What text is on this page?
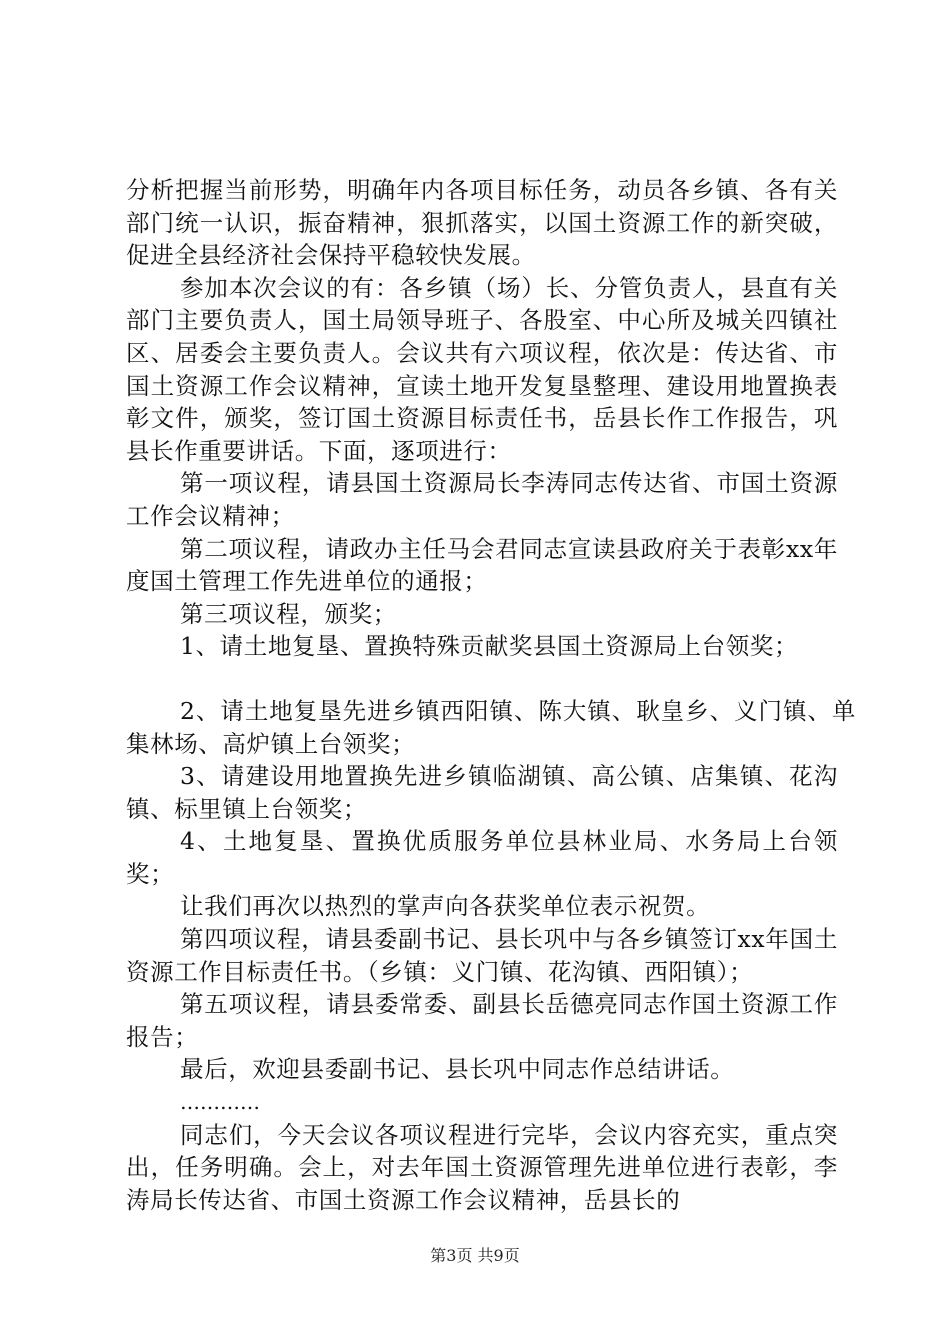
分析把握当前形势，明确年内各项目标任务，动员各乡镇、各有关部门统一认识，振奋精神，狠抓落实，以国土资源工作的新突破，促进全县经济社会保持平稳较快发展。

参加本次会议的有：各乡镇（场）长、分管负责人，县直有关部门主要负责人，国土局领导班子、各股室、中心所及城关四镇社区、居委会主要负责人。会议共有六项议程，依次是：传达省、市国土资源工作会议精神，宣读土地开发复垦整理、建设用地置换表彰文件，颁奖，签订国土资源目标责任书，岳县长作工作报告，巩县长作重要讲话。下面，逐项进行：

第一项议程，请县国土资源局长李涛同志传达省、市国土资源工作会议精神；

第二项议程，请政办主任马会君同志宣读县政府关于表彰xx年度国土管理工作先进单位的通报；

第三项议程，颁奖；

1、请土地复垦、置换特殊贡献奖县国土资源局上台领奖；

2、请土地复垦先进乡镇西阳镇、陈大镇、耿皇乡、义门镇、单集林场、高炉镇上台领奖；

3、请建设用地置换先进乡镇临湖镇、高公镇、店集镇、花沟镇、标里镇上台领奖；

4、土地复垦、置换优质服务单位县林业局、水务局上台领奖；

让我们再次以热烈的掌声向各获奖单位表示祝贺。

第四项议程，请县委副书记、县长巩中与各乡镇签订xx年国土资源工作目标责任书。（乡镇：义门镇、花沟镇、西阳镇）；

第五项议程，请县委常委、副县长岳德亮同志作国土资源工作报告；

最后，欢迎县委副书记、县长巩中同志作总结讲话。

…………

同志们，今天会议各项议程进行完毕，会议内容充实，重点突出，任务明确。会上，对去年国土资源管理先进单位进行表彰，李涛局长传达省、市国土资源工作会议精神，岳县长的

第3页 共9页
